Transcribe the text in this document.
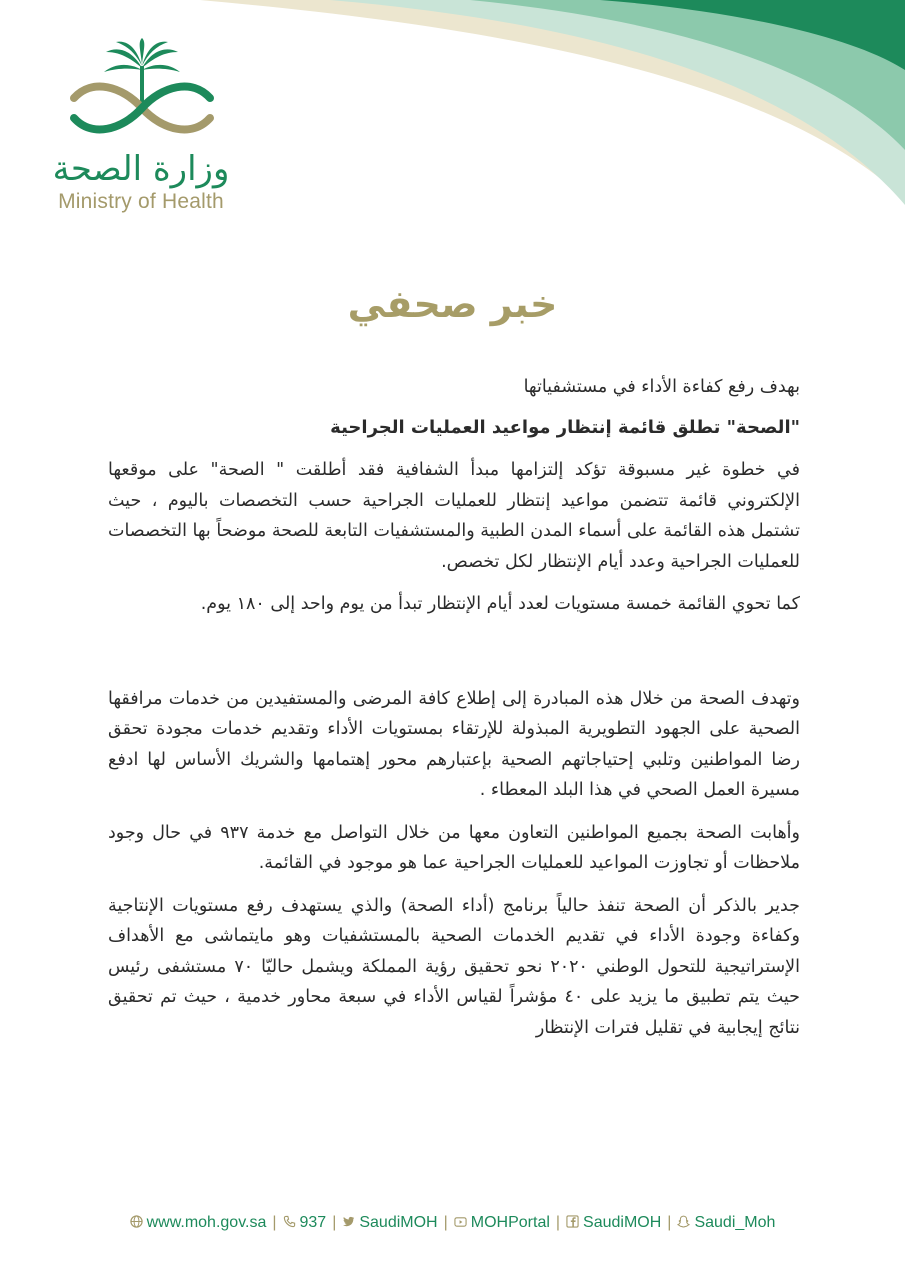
وزارة الصحة
Ministry of Health
خبر صحفي

بهدف رفع كفاءة الأداء في مستشفياتها

"الصحة" تطلق قائمة إنتظار مواعيد العمليات الجراحية

في خطوة غير مسبوقة تؤكد إلتزامها مبدأ الشفافية فقد أطلقت " الصحة" على موقعها الإلكتروني قائمة تتضمن مواعيد إنتظار للعمليات الجراحية حسب التخصصات باليوم ، حيث تشتمل هذه القائمة على أسماء المدن الطبية والمستشفيات التابعة للصحة موضحاً بها التخصصات للعمليات الجراحية وعدد أيام الإنتظار لكل تخصص.

كما تحوي القائمة خمسة مستويات لعدد أيام الإنتظار تبدأ من يوم واحد إلى ١٨٠ يوم.

وتهدف الصحة من خلال هذه المبادرة إلى إطلاع كافة المرضى والمستفيدين من خدمات مرافقها الصحية على الجهود التطويرية المبذولة للإرتقاء بمستويات الأداء وتقديم خدمات مجودة تحقق رضا المواطنين وتلبي إحتياجاتهم الصحية بإعتبارهم محور إهتمامها والشريك الأساس لها ادفع مسيرة العمل الصحي في هذا البلد المعطاء .

وأهابت الصحة بجميع المواطنين التعاون معها من خلال التواصل مع خدمة ٩٣٧ في حال وجود ملاحظات أو تجاوزت المواعيد للعمليات الجراحية عما هو موجود في القائمة.

جدير بالذكر أن الصحة تنفذ حالياً برنامج (أداء الصحة) والذي يستهدف رفع مستويات الإنتاجية وكفاءة وجودة الأداء في تقديم الخدمات الصحية بالمستشفيات وهو مايتماشى مع الأهداف الإستراتيجية للتحول الوطني ٢٠٢٠ نحو تحقيق رؤية المملكة ويشمل حاليّا ٧٠ مستشفى رئيس حيث يتم تطبيق ما يزيد على ٤٠ مؤشراً لقياس الأداء في سبعة محاور خدمية ، حيث تم تحقيق نتائج إيجابية في تقليل فترات الإنتظار

www.moh.gov.sa | 937 | SaudiMOH | MOHPortal | SaudiMOH | Saudi_Moh
